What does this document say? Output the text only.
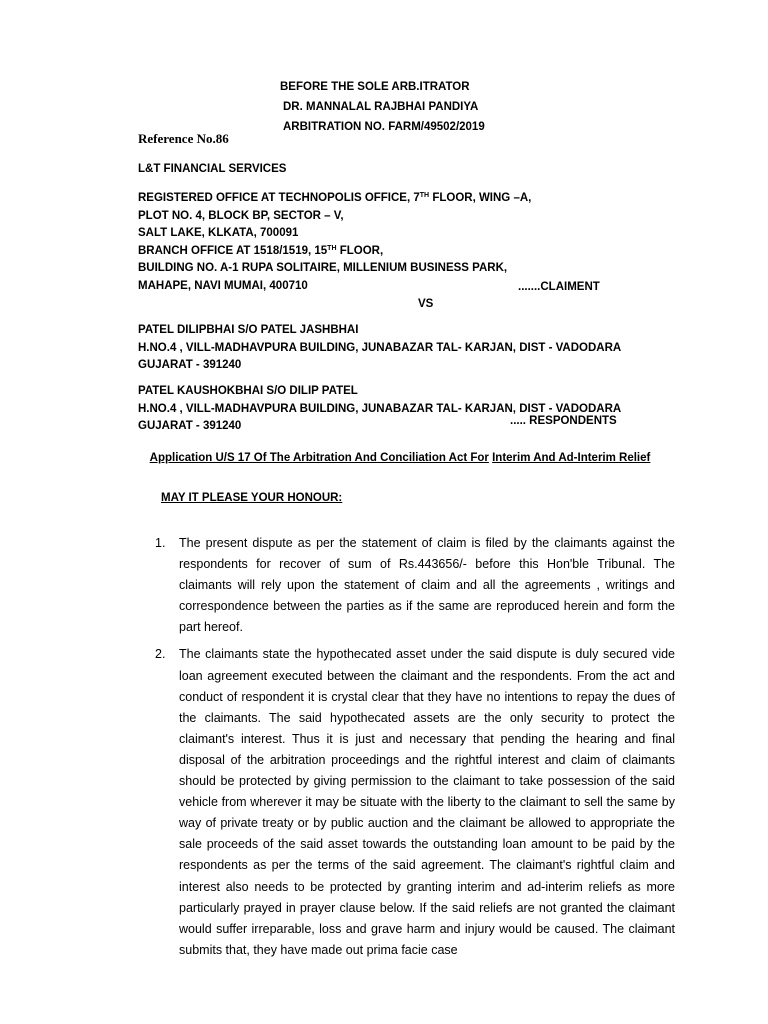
BEFORE THE SOLE ARB.ITRATOR
DR. MANNALAL RAJBHAI PANDIYA
ARBITRATION NO. FARM/49502/2019
Reference No.86
L&T FINANCIAL SERVICES
REGISTERED OFFICE AT TECHNOPOLIS OFFICE, 7TH FLOOR, WING –A,
PLOT NO. 4, BLOCK BP, SECTOR – V,
SALT LAKE, KLKATA, 700091
BRANCH OFFICE AT 1518/1519, 15TH FLOOR,
BUILDING NO. A-1 RUPA SOLITAIRE, MILLENIUM BUSINESS PARK,
MAHAPE, NAVI MUMAI, 400710	.......CLAIMENT
VS
PATEL DILIPBHAI S/O PATEL JASHBHAI
H.NO.4 , VILL-MADHAVPURA BUILDING, JUNABAZAR TAL- KARJAN, DIST - VADODARA
GUJARAT - 391240
PATEL KAUSHOKBHAI S/O DILIP PATEL
H.NO.4 , VILL-MADHAVPURA BUILDING, JUNABAZAR TAL- KARJAN, DIST - VADODARA
GUJARAT - 391240	..... RESPONDENTS
Application U/S 17 Of The Arbitration And Conciliation Act For Interim And Ad-Interim Relief
MAY IT PLEASE YOUR HONOUR:
1. The present dispute as per the statement of claim is filed by the claimants against the respondents for recover of sum of Rs.443656/- before this Hon'ble Tribunal. The claimants will rely upon the statement of claim and all the agreements , writings and correspondence between the parties as if the same are reproduced herein and form the part hereof.
2. The claimants state the hypothecated asset under the said dispute is duly secured vide loan agreement executed between the claimant and the respondents. From the act and conduct of respondent it is crystal clear that they have no intentions to repay the dues of the claimants. The said hypothecated assets are the only security to protect the claimant's interest. Thus it is just and necessary that pending the hearing and final disposal of the arbitration proceedings and the rightful interest and claim of claimants should be protected by giving permission to the claimant to take possession of the said vehicle from wherever it may be situate with the liberty to the claimant to sell the same by way of private treaty or by public auction and the claimant be allowed to appropriate the sale proceeds of the said asset towards the outstanding loan amount to be paid by the respondents as per the terms of the said agreement. The claimant's rightful claim and interest also needs to be protected by granting interim and ad-interim reliefs as more particularly prayed in prayer clause below. If the said reliefs are not granted the claimant would suffer irreparable, loss and grave harm and injury would be caused. The claimant submits that, they have made out prima facie case
